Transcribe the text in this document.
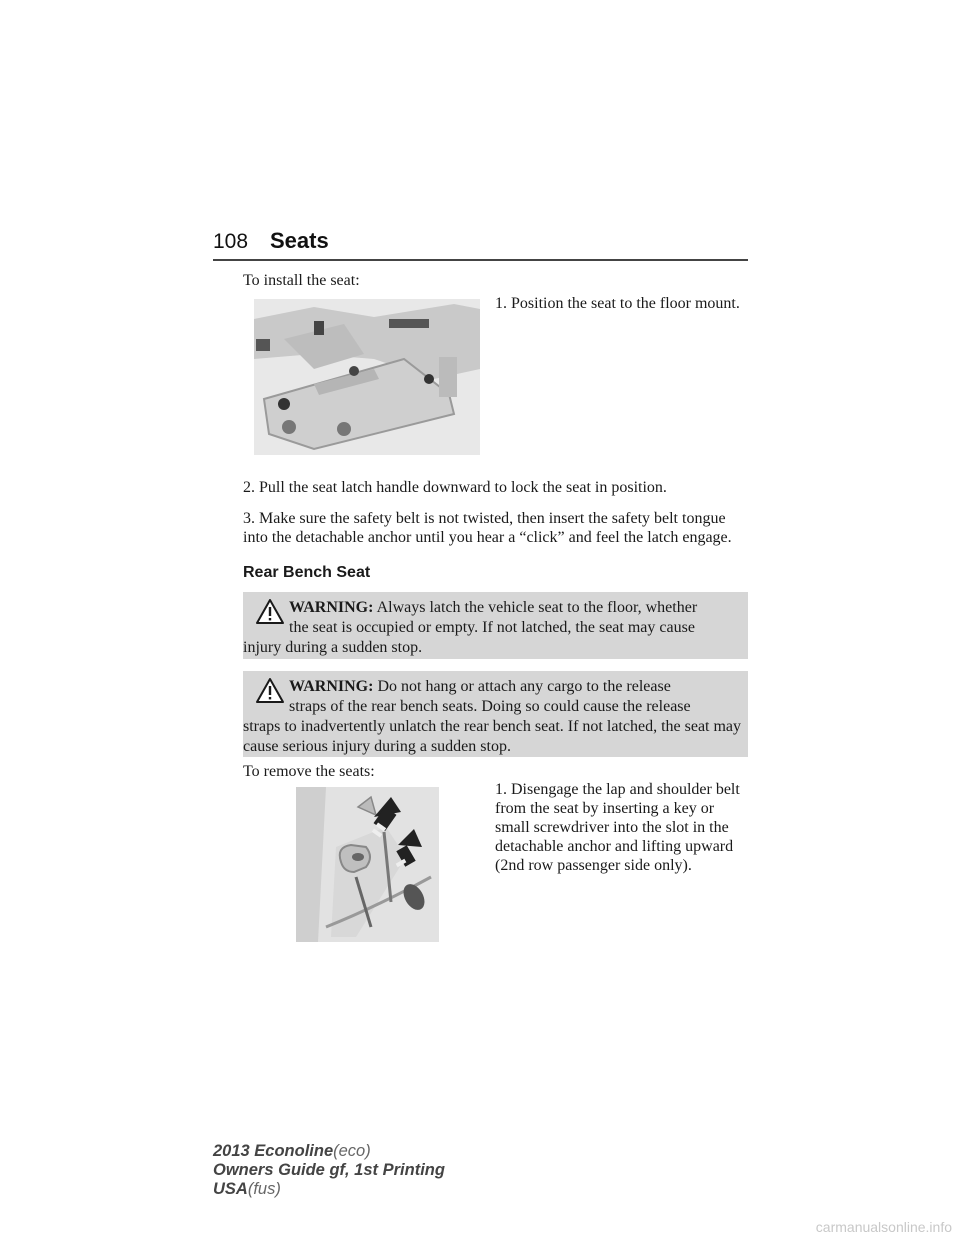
108 Seats
To install the seat:
1. Position the seat to the floor mount.
2. Pull the seat latch handle downward to lock the seat in position.
3. Make sure the safety belt is not twisted, then insert the safety belt tongue into the detachable anchor until you hear a “click” and feel the latch engage.
Rear Bench Seat
WARNING: Always latch the vehicle seat to the floor, whether
the seat is occupied or empty. If not latched, the seat may cause
injury during a sudden stop.
WARNING: Do not hang or attach any cargo to the release
straps of the rear bench seats. Doing so could cause the release
straps to inadvertently unlatch the rear bench seat. If not latched, the seat may cause serious injury during a sudden stop.
To remove the seats:
1. Disengage the lap and shoulder belt from the seat by inserting a key or small screwdriver into the slot in the detachable anchor and lifting upward (2nd row passenger side only).
2013 Econoline(eco)
Owners Guide gf, 1st Printing
USA(fus)
carmanualsonline.info
